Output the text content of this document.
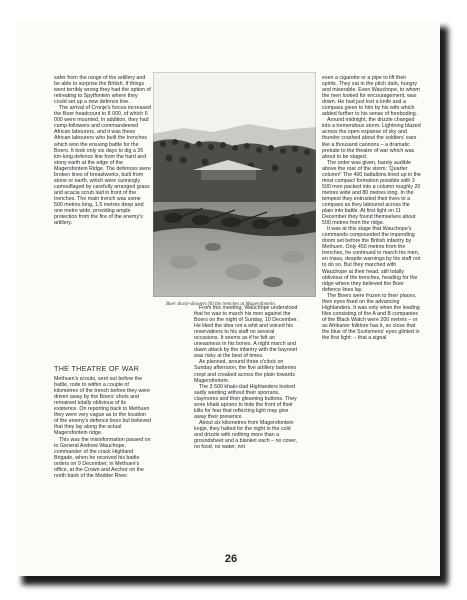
safer from the range of the artillery and be able to surprise the British. If things went terribly wrong they had the option of retreating to Spytfontein where they could set up a new defence line.

The arrival of Cronje's forces increased the Boer headcount to 8 000, of which 6 000 were mounted. In addition, they had camp-followers and commandeered African labourers, and it was these African labourers who built the trenches which won the ensuing battle for the Boers. It took only six days to dig a 26 km-long defence line from the hard and stony earth at the edge of the Magersfontein Ridge. The defences were broken lines of breastworks, built from stone or earth, which were cunningly camouflaged by carefully arranged grass and acacia scrub laid in front of the trenches. The main trench was some 500 metres long, 1,5 metres deep and one metre wide, providing ample protection from the fire of the enemy's artillery.

THE THEATRE OF WAR

Methuen's scouts, sent out before the battle, rode to within a couple of kilometres of the trench before they were driven away by the Boers' shots and remained totally oblivious of its existence. On reporting back to Methuen they were very vague as to the location of the enemy's defence lines but believed that they lay along the actual Magersfontein ridge.

This was the misinformation passed on to General Andrew Wauchope, commander of the crack Highland Brigade, when he received his battle orders on 9 December, in Methuen's office, at the Crown and Anchor on the north bank of the Modder River.

Boer sharp-shooters fill the trenches at Magersfontein.

From this meeting, Wauchope understood that he was to march his men against the Boers on the night of Sunday, 10 December. He liked the idea not a whit and voiced his reservations to his staff on several occasions. It seems as if he felt an uneasiness in his bones. A night march and dawn attack by the infantry with the bayonet was risky at the best of times.

As planned, around three o'clock on Sunday afternoon, the five artillery batteries crept and creaked across the plain towards Magersfontein.

The 3 500 khaki-clad Highlanders looked sadly wanting without their sporrans, claymores and their gleaming buttons. They wore khaki aprons to hide the front of their kilts for fear that reflecting light may give away their presence.

About six kilometres from Magersfontein kopje, they halted for the night in the cold and drizzle with nothing more than a groundsheet and a blanket each – no cover, no food, no water, not

even a cigarette or a pipe to lift their spirits. They sat in the pitch dark, hungry and miserable. Even Wauchope, to whom the men looked for encouragement, was down. He had just lost a knife and a compass given to him by his wife which added further to his sense of foreboding.

Around midnight, the drizzle changed into a tremendous storm. Lightning blazed across the open expanse of sky and thunder crashed about the soldiers' ears like a thousand cannons – a dramatic prelude to the theatre of war which was about to be staged.

The order was given, barely audible above the roar of the storm: 'Quarter column!' The 400 battalions lined up in the most compact formation possible with 3 500 men packed into a column roughly 20 metres wide and 80 metres long. In the tempest they entrusted their lives to a compass as they laboured across the plain into battle. At first light on 11 December they found themselves about 500 metres from the ridge.

It was at this stage that Wauchope's commands compounded the impending doom set before the British infantry by Methuen. Only 450 metres from the trenches, he continued to march his men, en mass, despite warnings by his staff not to do so. But they marched with Wauchope at their head, still totally oblivious of the trenches, heading for the ridge where they believed the Boer defence lines lay.

The Boers were frozen to their places, their eyes fixed on the advancing Highlanders. It was only when the leading files consisting of the A and B companies of the Black Watch were 200 metres – or as Afrikaner folklore has it, so close that the blue of the Scotsmens' eyes glinted in the first light: – that a signal

26
